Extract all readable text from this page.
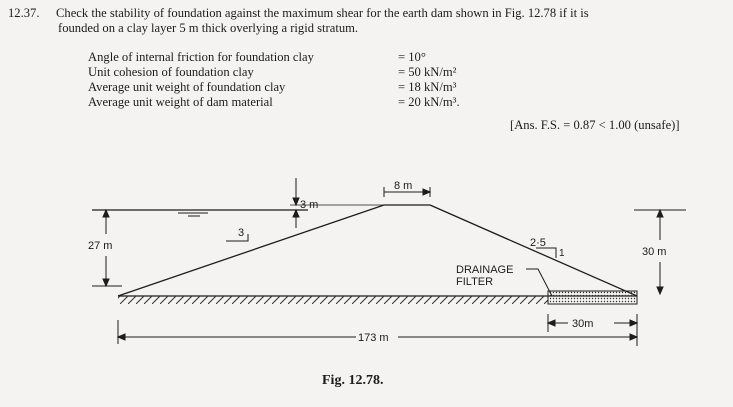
12.37. Check the stability of foundation against the maximum shear for the earth dam shown in Fig. 12.78 if it is
founded on a clay layer 5 m thick overlying a rigid stratum.
Angle of internal friction for foundation clay	= 10°
Unit cohesion of foundation clay	= 50 kN/m²
Average unit weight of foundation clay	= 18 kN/m³
Average unit weight of dam material	= 20 kN/m³.
[Ans. F.S. = 0.87 < 1.00 (unsafe)]
8 m
3 m
27 m
3
2·5
1	30 m
DRAINAGE
FILTER
30m
173 m
Fig. 12.78.
